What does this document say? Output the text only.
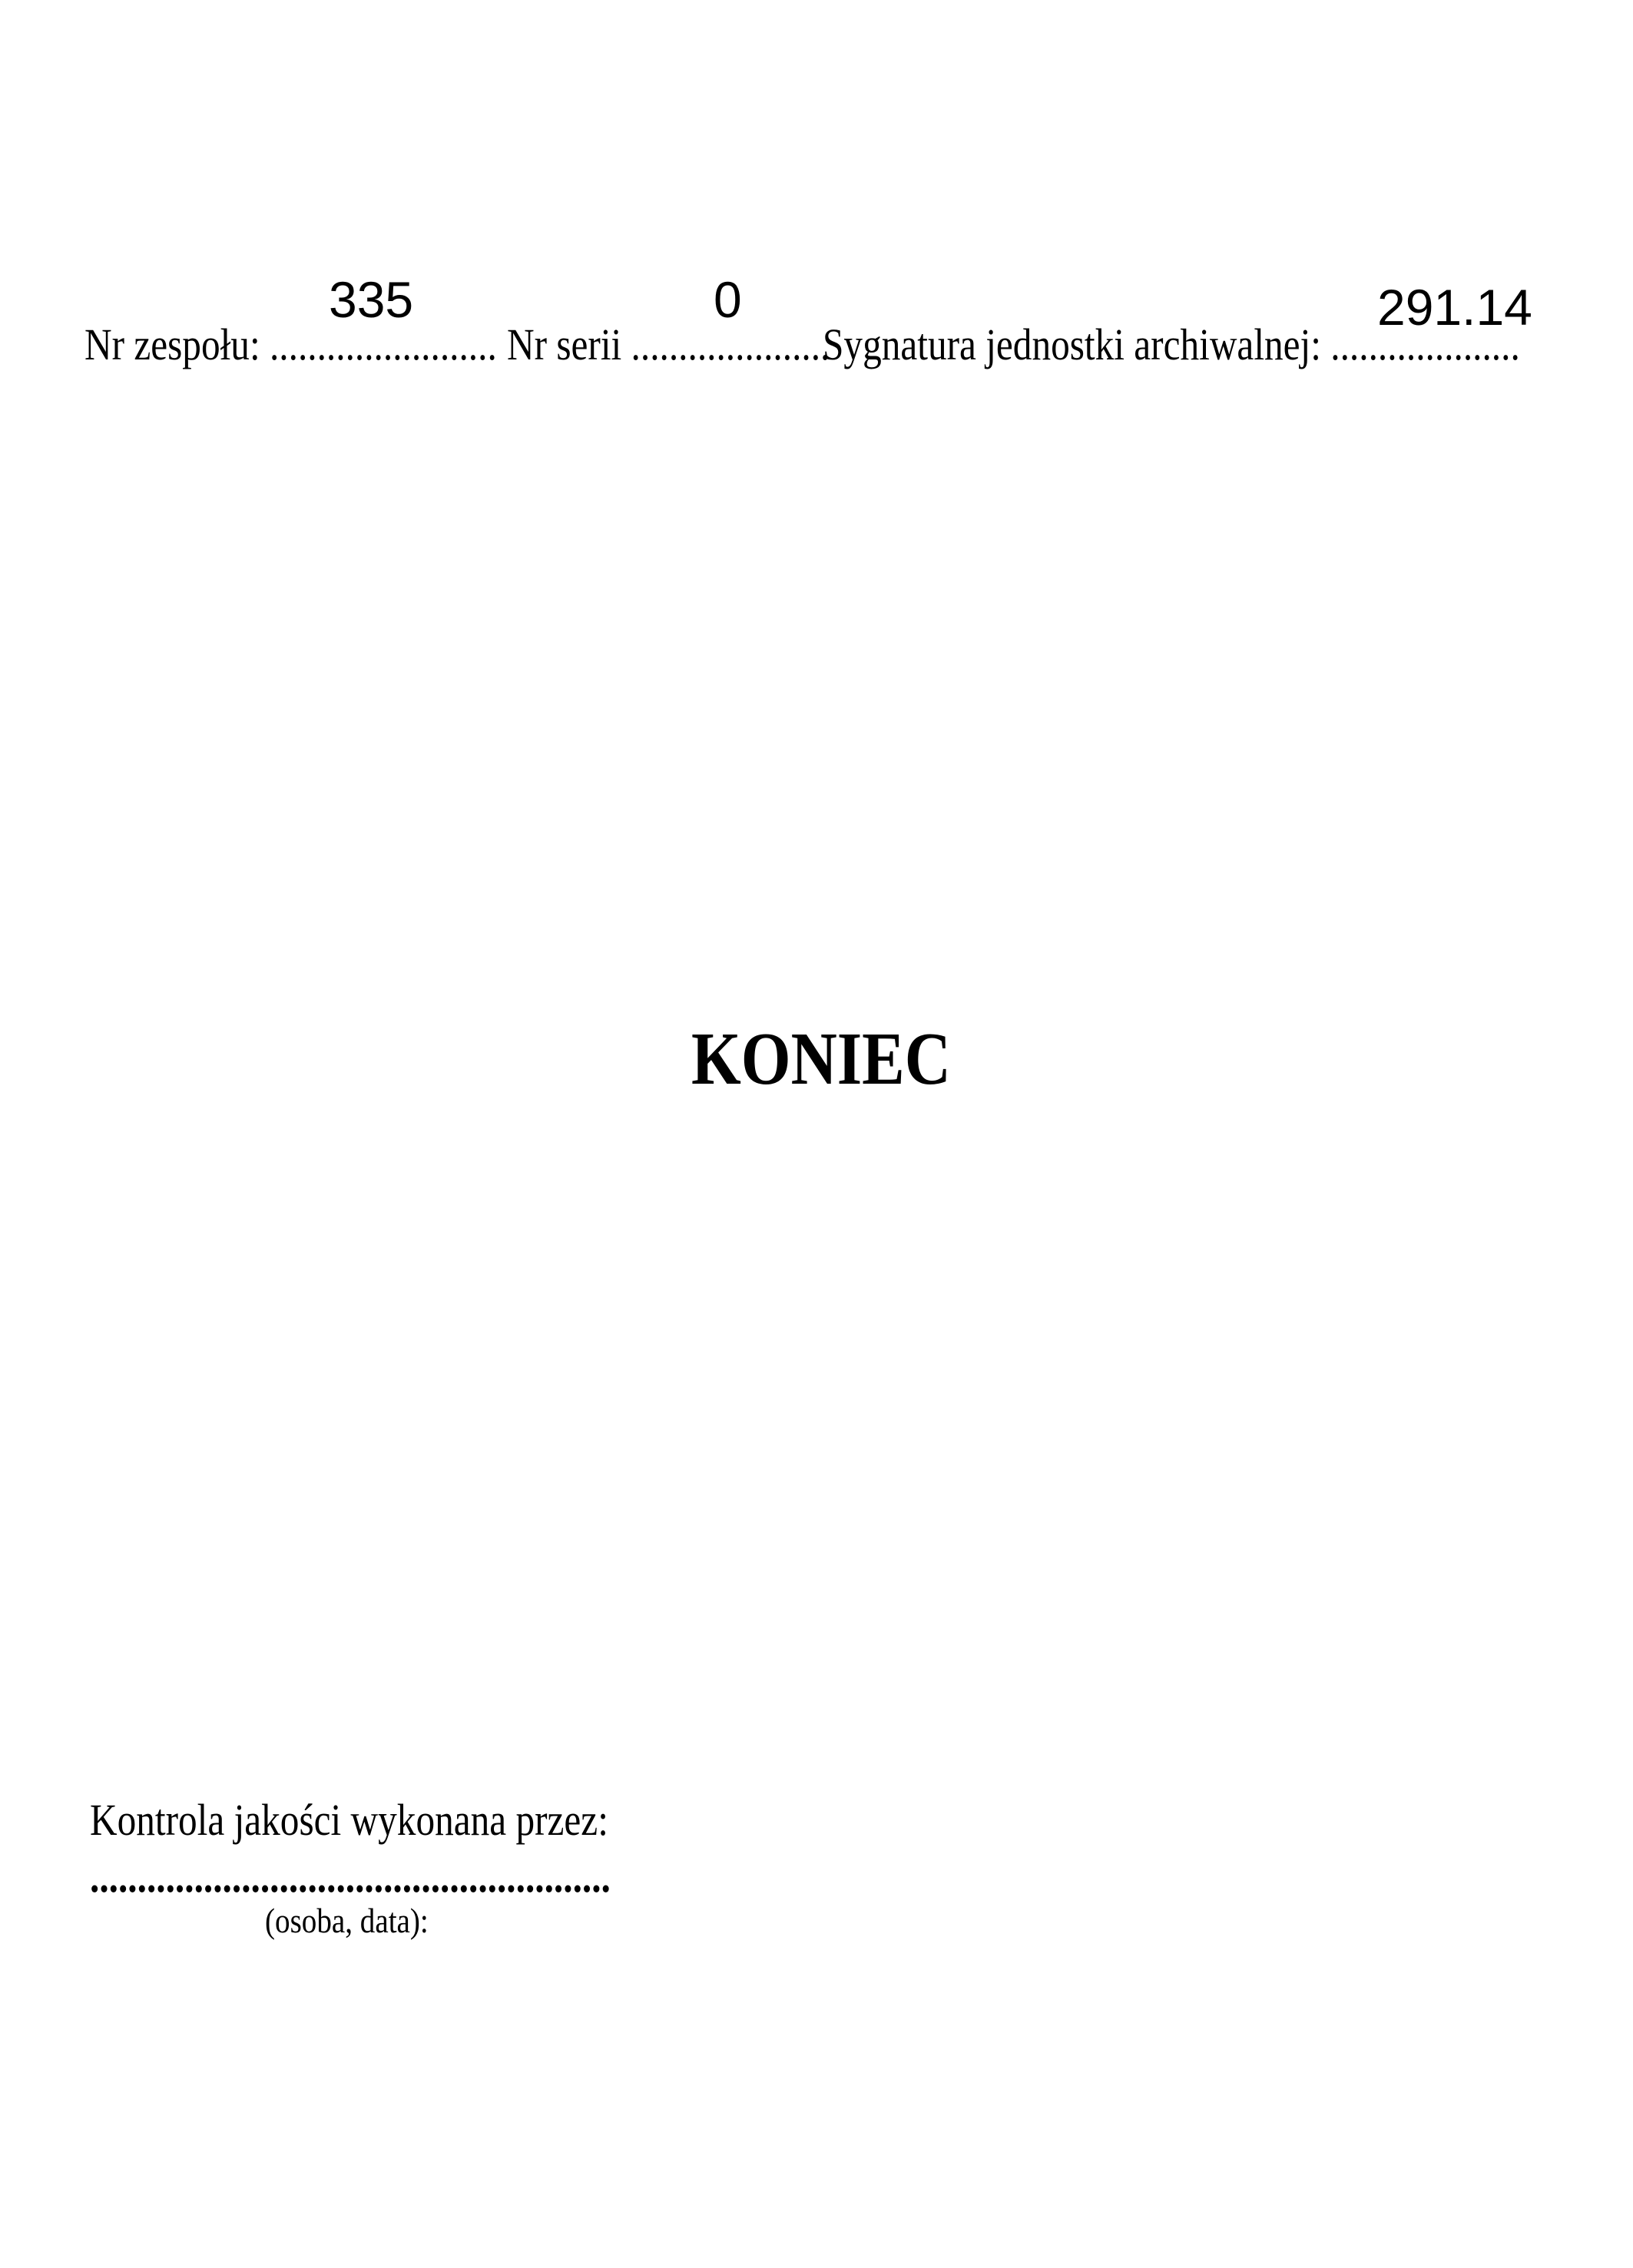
335	0	291.14
Nr zespołu: ........................ Nr serii .....................
Sygnatura jednostki archiwalnej: ....................
KONIEC
Kontrola jakości wykonana przez:
.......................................................
(osoba, data):
